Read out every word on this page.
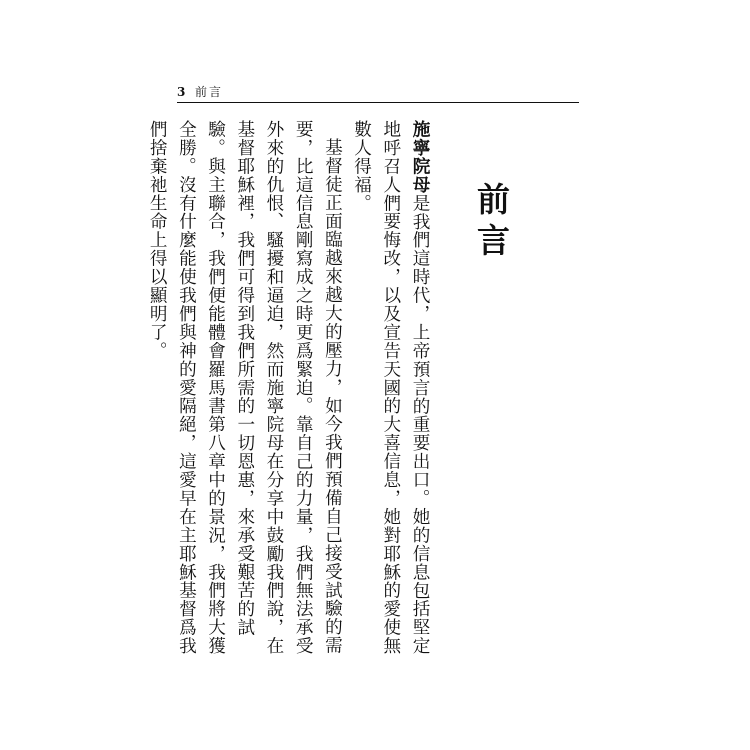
3 前言
前言

施寧院母是我們這時代，上帝預言的重要出口。她的信息包括堅定地呼召人們要悔改，以及宣告天國的大喜信息，她對耶穌的愛使無數人得福。

基督徒正面臨越來越大的壓力，如今我們預備自己接受試驗的需要，比這信息剛寫成之時更爲緊迫。靠自己的力量，我們無法承受外來的仇恨、騷擾和逼迫，然而施寧院母在分享中鼓勵我們說，在基督耶穌裡，我們可得到我們所需的一切恩惠，來承受艱苦的試驗。與主聯合，我們便能體會羅馬書第八章中的景況，我們將大獲全勝。沒有什麼能使我們與神的愛隔絕，這愛早在主耶穌基督爲我們捨棄祂生命上得以顯明了。
